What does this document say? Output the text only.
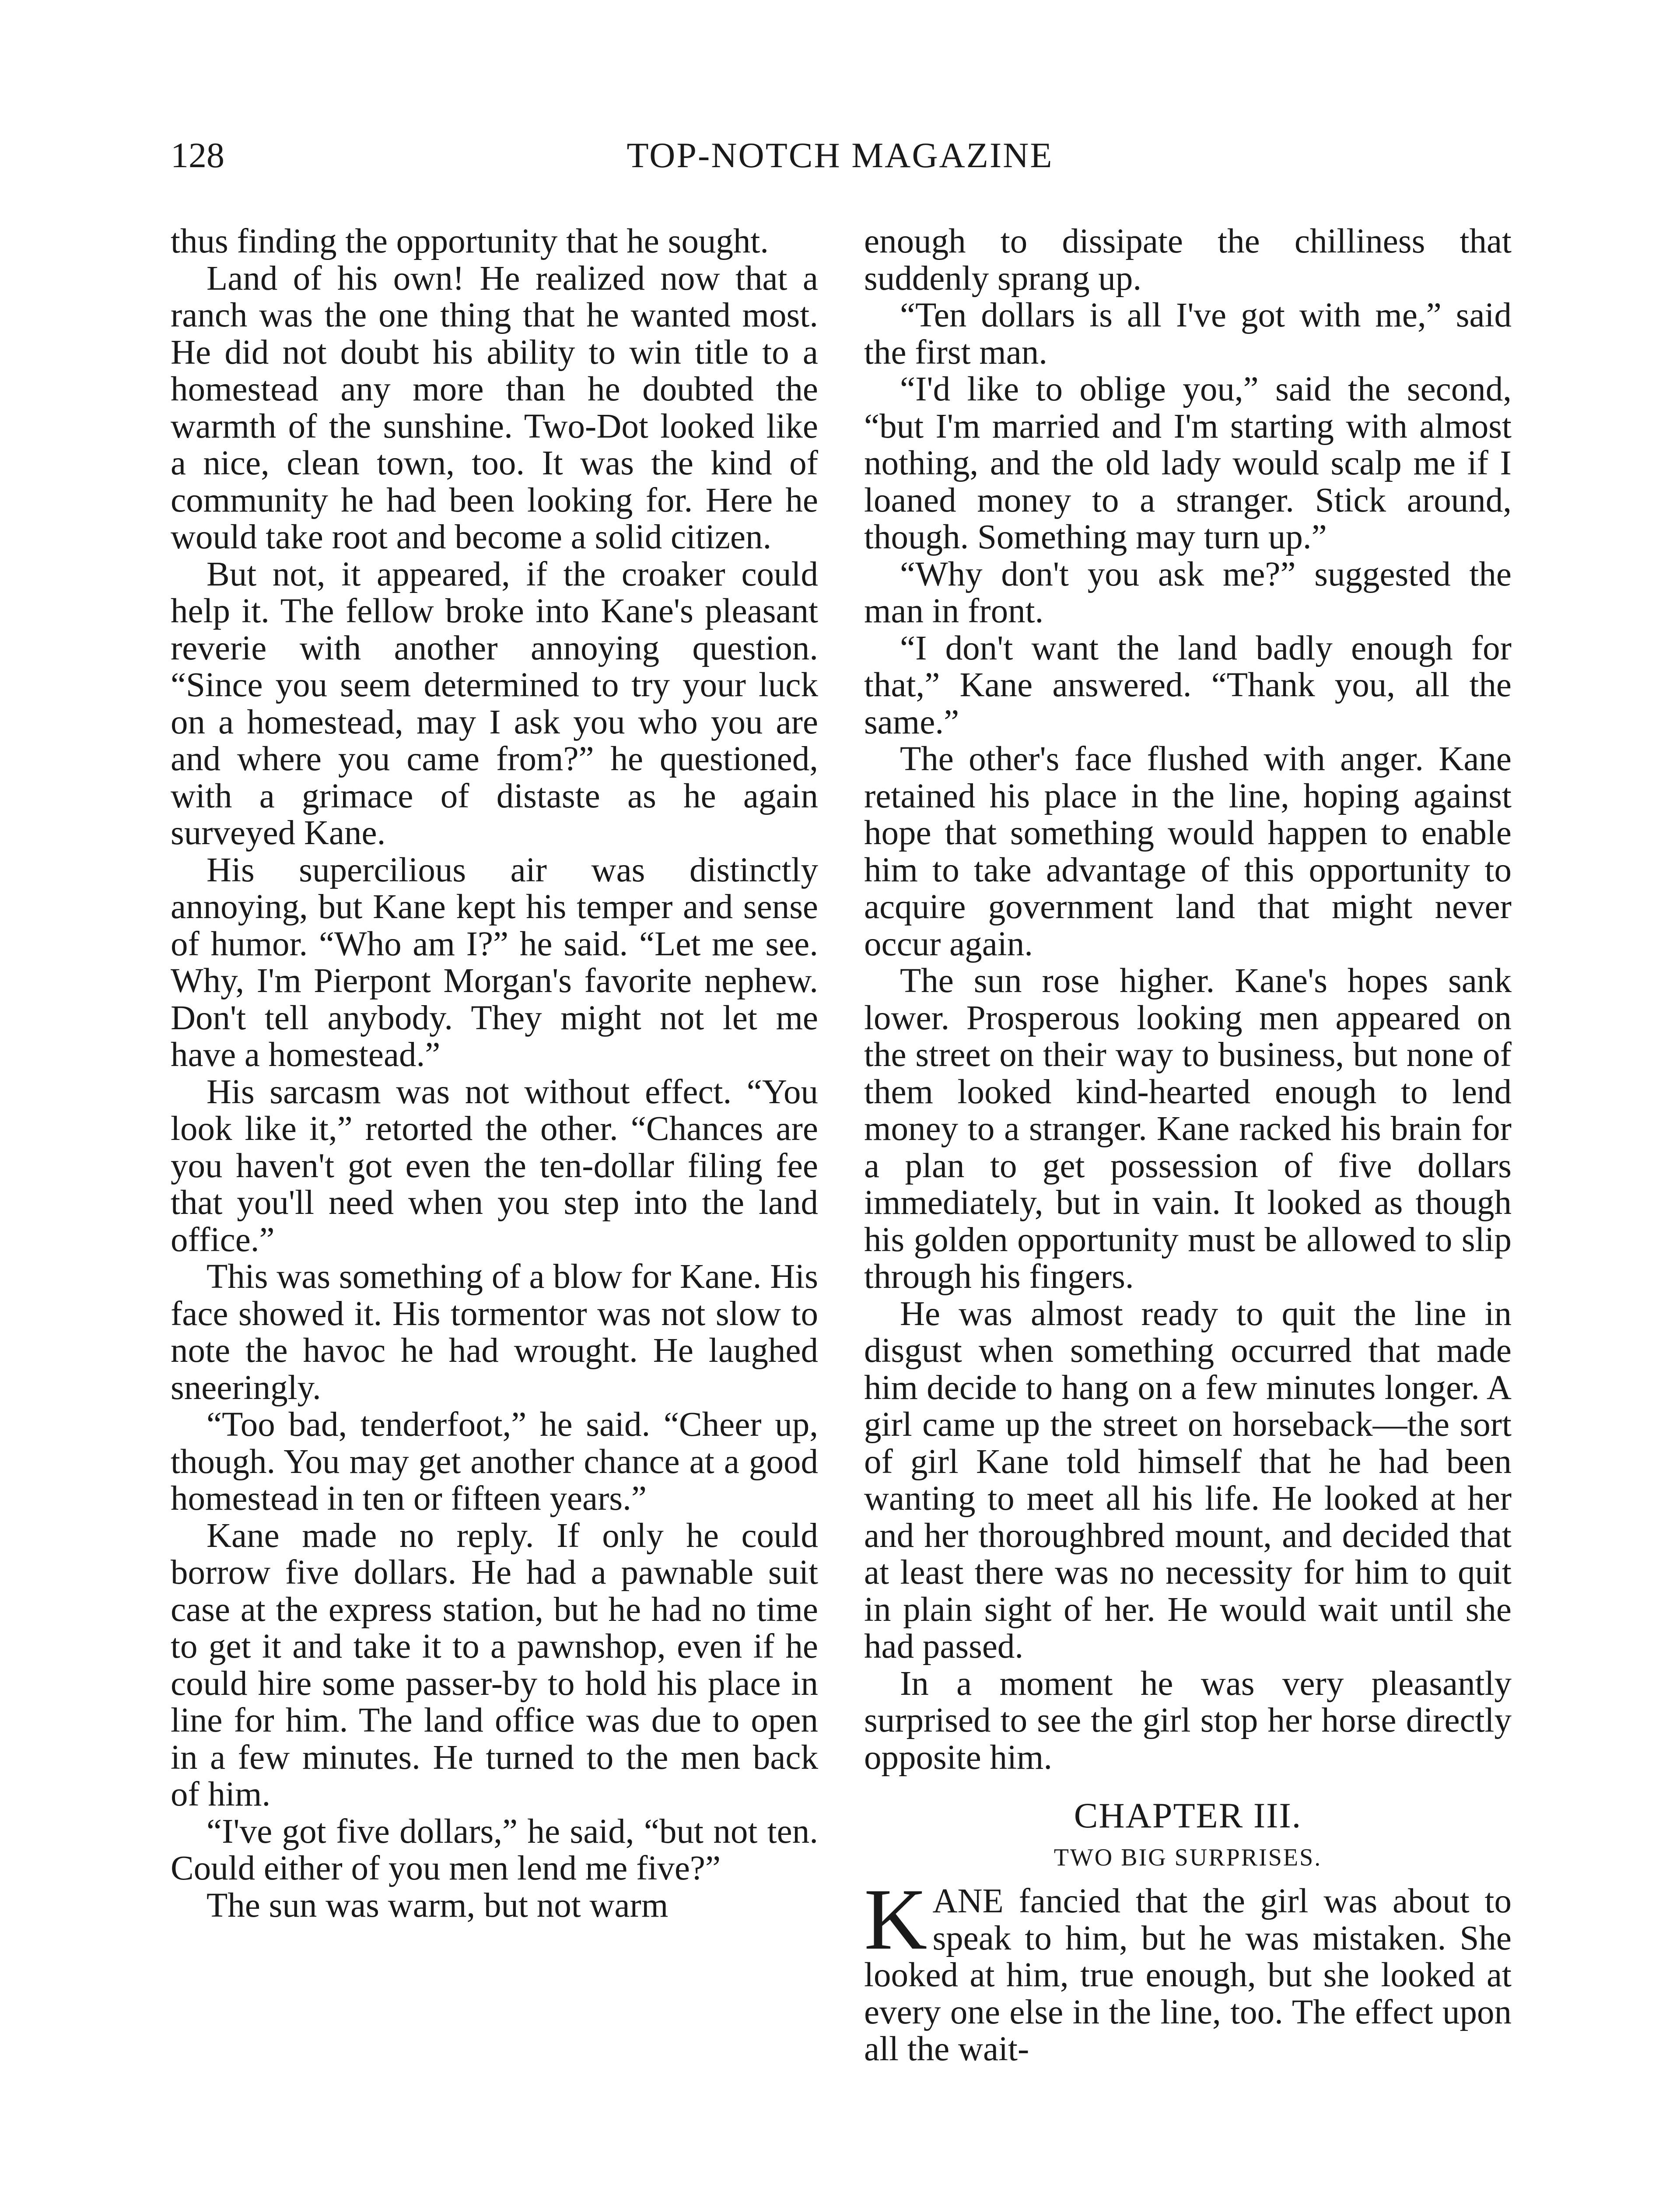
128	TOP-NOTCH MAGAZINE

thus finding the opportunity that he sought.

Land of his own! He realized now that a ranch was the one thing that he wanted most. He did not doubt his ability to win title to a homestead any more than he doubted the warmth of the sunshine. Two-Dot looked like a nice, clean town, too. It was the kind of community he had been looking for. Here he would take root and become a solid citizen.

But not, it appeared, if the croaker could help it. The fellow broke into Kane's pleasant reverie with another annoying question. “Since you seem determined to try your luck on a homestead, may I ask you who you are and where you came from?” he questioned, with a grimace of distaste as he again surveyed Kane.

His supercilious air was distinctly annoying, but Kane kept his temper and sense of humor. “Who am I?” he said. “Let me see. Why, I'm Pierpont Morgan's favorite nephew. Don't tell anybody. They might not let me have a homestead.”

His sarcasm was not without effect. “You look like it,” retorted the other. “Chances are you haven't got even the ten-dollar filing fee that you'll need when you step into the land office.”

This was something of a blow for Kane. His face showed it. His tormentor was not slow to note the havoc he had wrought. He laughed sneeringly.

“Too bad, tenderfoot,” he said. “Cheer up, though. You may get another chance at a good homestead in ten or fifteen years.”

Kane made no reply. If only he could borrow five dollars. He had a pawnable suit case at the express station, but he had no time to get it and take it to a pawnshop, even if he could hire some passer-by to hold his place in line for him. The land office was due to open in a few minutes. He turned to the men back of him.

“I've got five dollars,” he said, “but not ten. Could either of you men lend me five?”

The sun was warm, but not warm

enough to dissipate the chilliness that suddenly sprang up.

“Ten dollars is all I've got with me,” said the first man.

“I'd like to oblige you,” said the second, “but I'm married and I'm starting with almost nothing, and the old lady would scalp me if I loaned money to a stranger. Stick around, though. Something may turn up.”

“Why don't you ask me?” suggested the man in front.

“I don't want the land badly enough for that,” Kane answered. “Thank you, all the same.”

The other's face flushed with anger. Kane retained his place in the line, hoping against hope that something would happen to enable him to take advantage of this opportunity to acquire government land that might never occur again.

The sun rose higher. Kane's hopes sank lower. Prosperous looking men appeared on the street on their way to business, but none of them looked kind-hearted enough to lend money to a stranger. Kane racked his brain for a plan to get possession of five dollars immediately, but in vain. It looked as though his golden opportunity must be allowed to slip through his fingers.

He was almost ready to quit the line in disgust when something occurred that made him decide to hang on a few minutes longer. A girl came up the street on horseback—the sort of girl Kane told himself that he had been wanting to meet all his life. He looked at her and her thoroughbred mount, and decided that at least there was no necessity for him to quit in plain sight of her. He would wait until she had passed.

In a moment he was very pleasantly surprised to see the girl stop her horse directly opposite him.

CHAPTER III.
TWO BIG SURPRISES.

KANE fancied that the girl was about to speak to him, but he was mistaken. She looked at him, true enough, but she looked at every one else in the line, too. The effect upon all the wait-
